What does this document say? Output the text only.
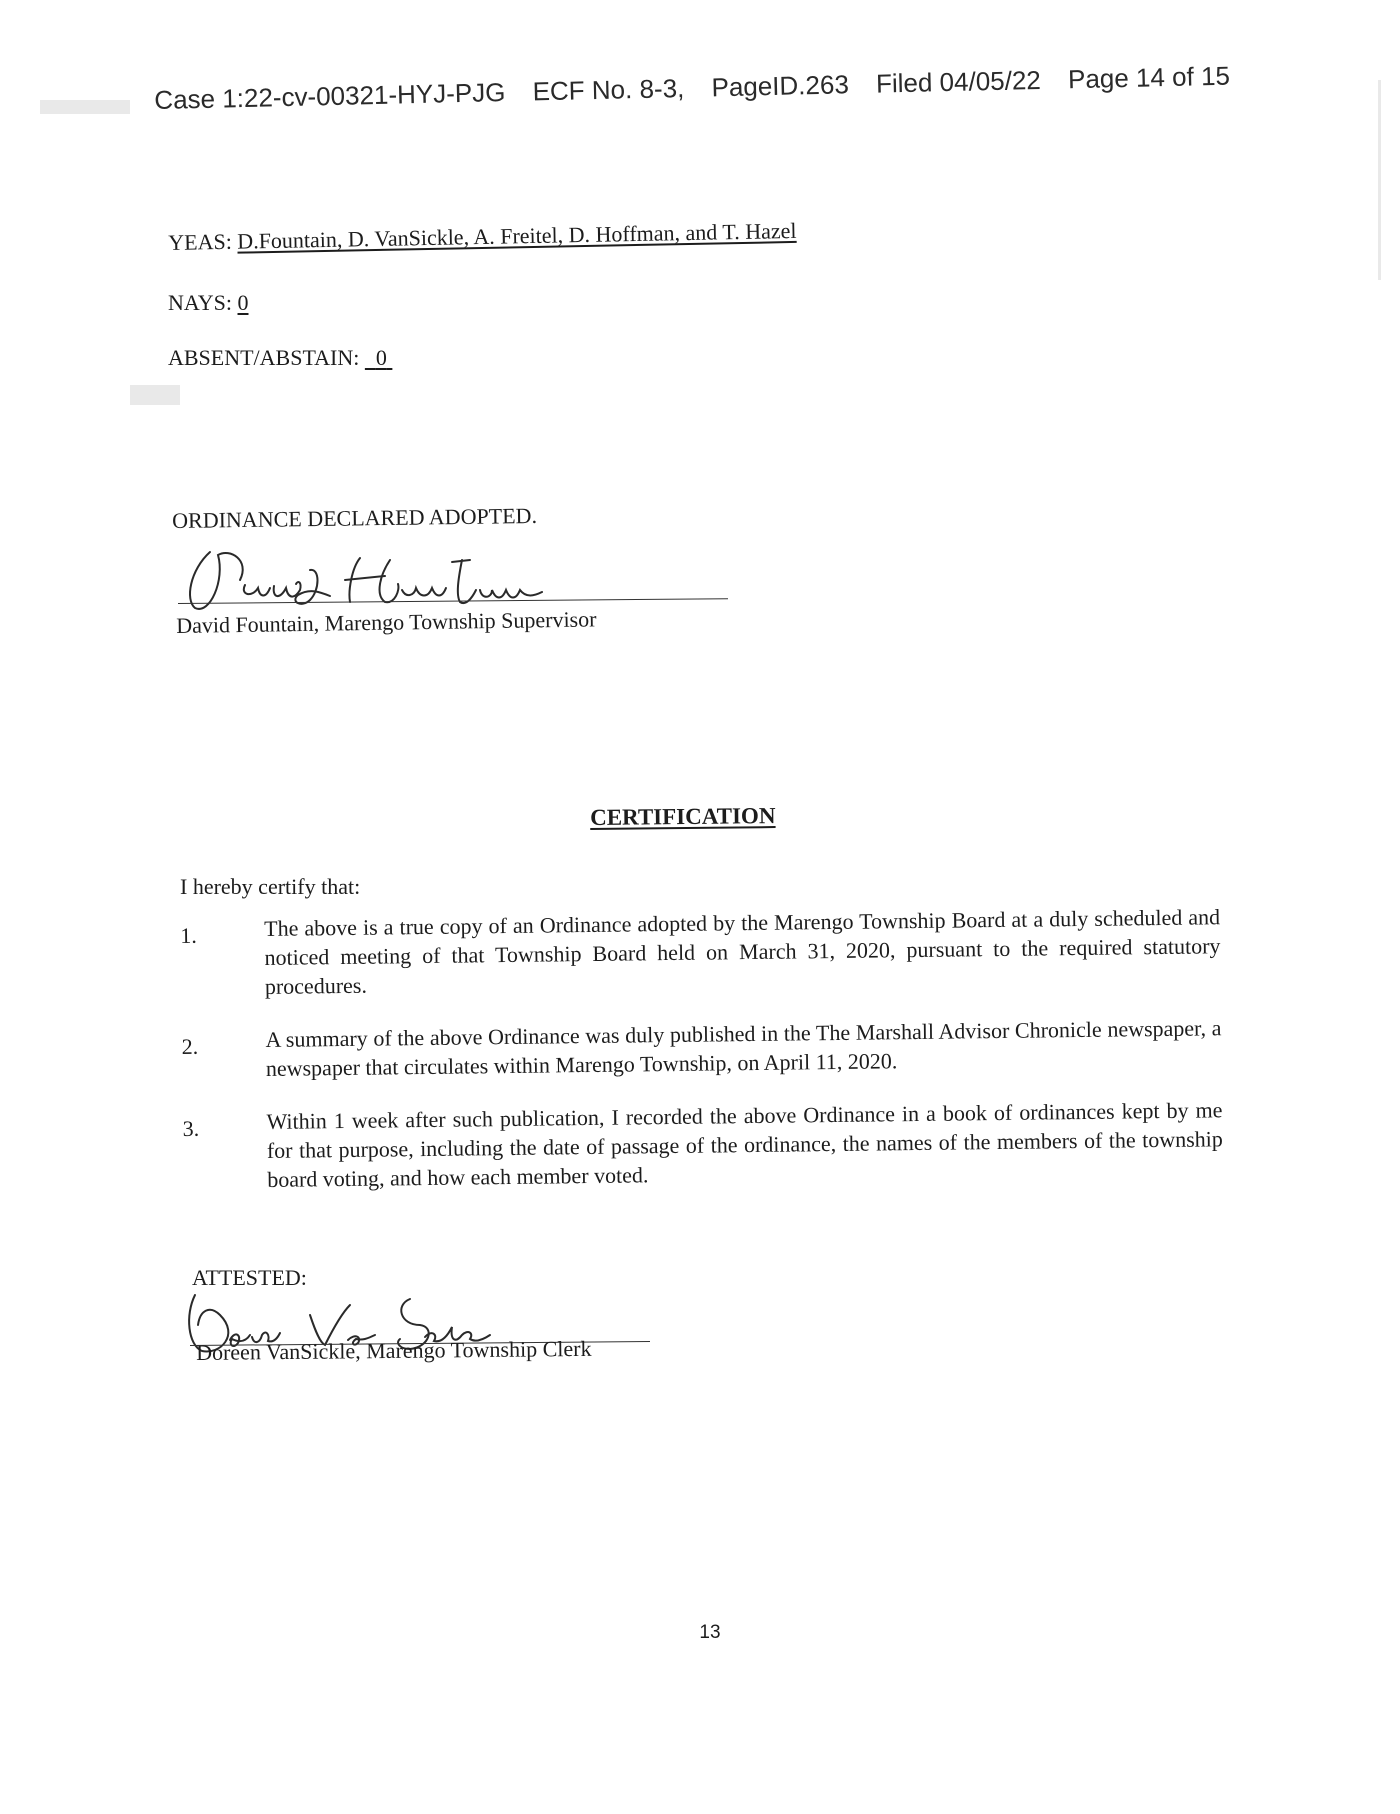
Case 1:22-cv-00321-HYJ-PJG ECF No. 8-3, PageID.263 Filed 04/05/22 Page 14 of 15
YEAS: D.Fountain, D. VanSickle, A. Freitel, D. Hoffman, and T. Hazel
NAYS: 0
ABSENT/ABSTAIN: 0
ORDINANCE DECLARED ADOPTED.
David Fountain, Marengo Township Supervisor
CERTIFICATION
I hereby certify that:
1.	The above is a true copy of an Ordinance adopted by the Marengo Township Board at a duly scheduled and noticed meeting of that Township Board held on March 31, 2020, pursuant to the required statutory procedures.
2.	A summary of the above Ordinance was duly published in the The Marshall Advisor Chronicle newspaper, a newspaper that circulates within Marengo Township, on April 11, 2020.
3.	Within 1 week after such publication, I recorded the above Ordinance in a book of ordinances kept by me for that purpose, including the date of passage of the ordinance, the names of the members of the township board voting, and how each member voted.
ATTESTED:
Doreen VanSickle, Marengo Township Clerk
13
